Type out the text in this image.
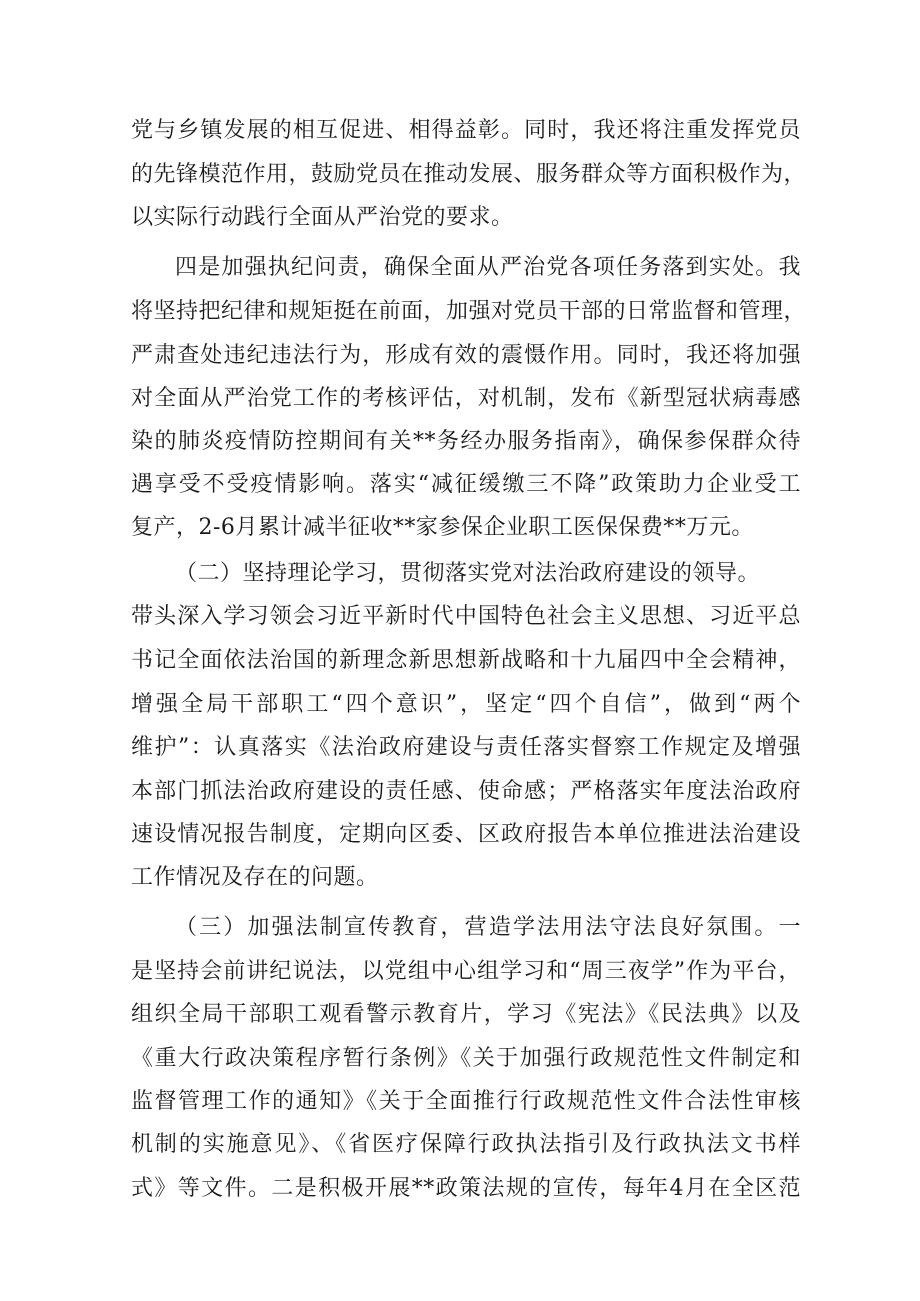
党与乡镇发展的相互促进、相得益彰。同时，我还将注重发挥党员
的先锋模范作用，鼓励党员在推动发展、服务群众等方面积极作为，
以实际行动践行全面从严治党的要求。
四是加强执纪问责，确保全面从严治党各项任务落到实处。我
将坚持把纪律和规矩挺在前面，加强对党员干部的日常监督和管理，
严肃查处违纪违法行为，形成有效的震慑作用。同时，我还将加强
对全面从严治党工作的考核评估，对机制，发布《新型冠状病毒感
染的肺炎疫情防控期间有关**务经办服务指南》，确保参保群众待
遇享受不受疫情影响。落实“减征缓缴三不降”政策助力企业受工
复产，2-6月累计减半征收**家参保企业职工医保保费**万元。
（二）坚持理论学习，贯彻落实党对法治政府建设的领导。
带头深入学习领会习近平新时代中国特色社会主义思想、习近平总
书记全面依法治国的新理念新思想新战略和十九届四中全会精神，
增强全局干部职工“四个意识”，坚定“四个自信”，做到“两个
维护”：认真落实《法治政府建设与责任落实督察工作规定及增强
本部门抓法治政府建设的责任感、使命感；严格落实年度法治政府
速设情况报告制度，定期向区委、区政府报告本单位推进法治建设
工作情况及存在的问题。
（三）加强法制宣传教育，营造学法用法守法良好氛围。一
是坚持会前讲纪说法，以党组中心组学习和“周三夜学”作为平台，
组织全局干部职工观看警示教育片，学习《宪法》《民法典》以及
《重大行政决策程序暂行条例》《关于加强行政规范性文件制定和
监督管理工作的通知》《关于全面推行行政规范性文件合法性审核
机制的实施意见》、《省医疗保障行政执法指引及行政执法文书样
式》等文件。二是积极开展**政策法规的宣传，每年4月在全区范
